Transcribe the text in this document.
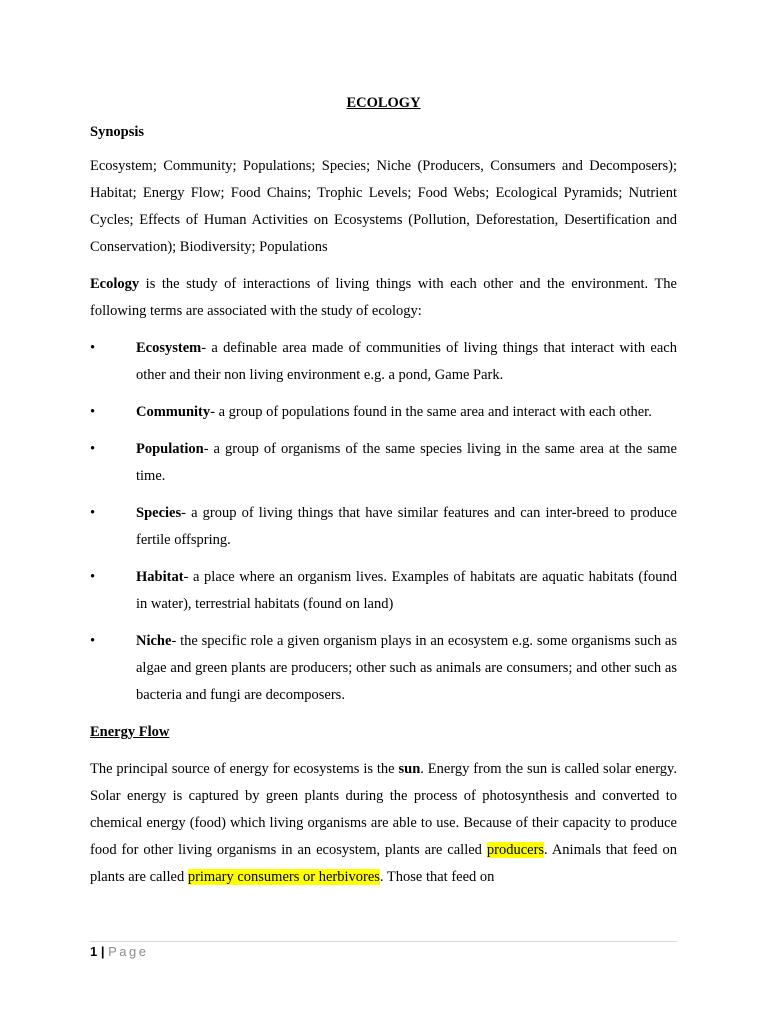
ECOLOGY
Synopsis

Ecosystem; Community; Populations; Species; Niche (Producers, Consumers and Decomposers); Habitat; Energy Flow; Food Chains; Trophic Levels; Food Webs; Ecological Pyramids; Nutrient Cycles; Effects of Human Activities on Ecosystems (Pollution, Deforestation, Desertification and Conservation); Biodiversity; Populations

Ecology is the study of interactions of living things with each other and the environment. The following terms are associated with the study of ecology:

•	Ecosystem- a definable area made of communities of living things that interact with each other and their non living environment e.g. a pond, Game Park.
•	Community- a group of populations found in the same area and interact with each other.
•	Population- a group of organisms of the same species living in the same area at the same time.
•	Species- a group of living things that have similar features and can inter-breed to produce fertile offspring.
•	Habitat- a place where an organism lives. Examples of habitats are aquatic habitats (found in water), terrestrial habitats (found on land)
•	Niche- the specific role a given organism plays in an ecosystem e.g. some organisms such as algae and green plants are producers; other such as animals are consumers; and other such as bacteria and fungi are decomposers.
Energy Flow

The principal source of energy for ecosystems is the sun. Energy from the sun is called solar energy. Solar energy is captured by green plants during the process of photosynthesis and converted to chemical energy (food) which living organisms are able to use. Because of their capacity to produce food for other living organisms in an ecosystem, plants are called producers. Animals that feed on plants are called primary consumers or herbivores. Those that feed on

1 | Page
